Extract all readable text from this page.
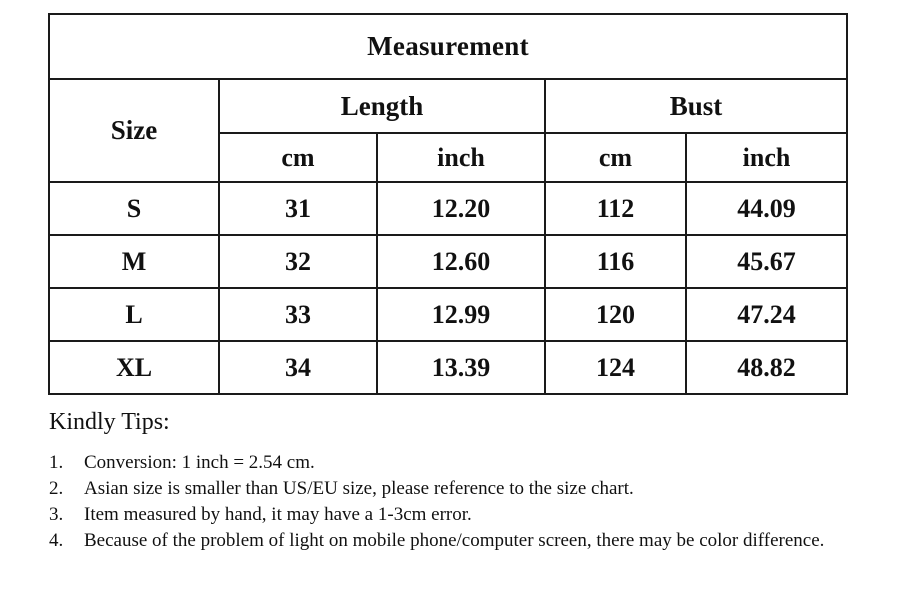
Measurement				
Size	Length		Bust	
	cm	inch	cm	inch
S	31	12.20	112	44.09
M	32	12.60	116	45.67
L	33	12.99	120	47.24
XL	34	13.39	124	48.82
Kindly Tips:
1.	Conversion: 1 inch = 2.54 cm.
2.	Asian size is smaller than US/EU size, please reference to the size chart.
3.	Item measured by hand, it may have a 1-3cm error.
4.	Because of the problem of light on mobile phone/computer screen, there may be color difference.
